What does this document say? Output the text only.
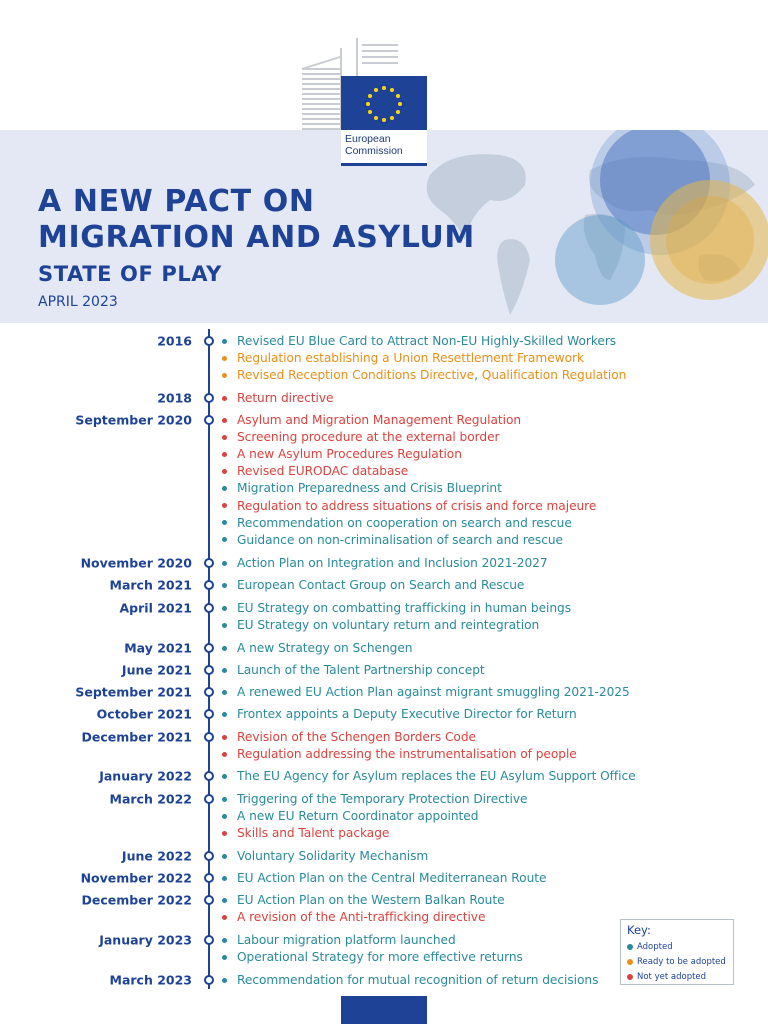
European
Commission
A NEW PACT ON
MIGRATION AND ASYLUM
STATE OF PLAY

APRIL 2023

2016	Revised EU Blue Card to Attract Non-EU Highly-Skilled Workers
Regulation establishing a Union Resettlement Framework
Revised Reception Conditions Directive, Qualification Regulation
2018	Return directive
September 2020	Asylum and Migration Management Regulation
Screening procedure at the external border
A new Asylum Procedures Regulation
Revised EURODAC database
Migration Preparedness and Crisis Blueprint
Regulation to address situations of crisis and force majeure
Recommendation on cooperation on search and rescue
Guidance on non-criminalisation of search and rescue
November 2020	Action Plan on Integration and Inclusion 2021-2027
March 2021	European Contact Group on Search and Rescue
April 2021	EU Strategy on combatting trafficking in human beings
EU Strategy on voluntary return and reintegration
May 2021	A new Strategy on Schengen
June 2021	Launch of the Talent Partnership concept
September 2021	A renewed EU Action Plan against migrant smuggling 2021-2025
October 2021	Frontex appoints a Deputy Executive Director for Return
December 2021	Revision of the Schengen Borders Code
Regulation addressing the instrumentalisation of people
January 2022	The EU Agency for Asylum replaces the EU Asylum Support Office
March 2022	Triggering of the Temporary Protection Directive
A new EU Return Coordinator appointed
Skills and Talent package
June 2022	Voluntary Solidarity Mechanism
November 2022	EU Action Plan on the Central Mediterranean Route
December 2022	EU Action Plan on the Western Balkan Route
A revision of the Anti-trafficking directive
January 2023	Labour migration platform launched
Operational Strategy for more effective returns
March 2023	Recommendation for mutual recognition of return decisions
Key:
Adopted
Ready to be adopted
Not yet adopted
